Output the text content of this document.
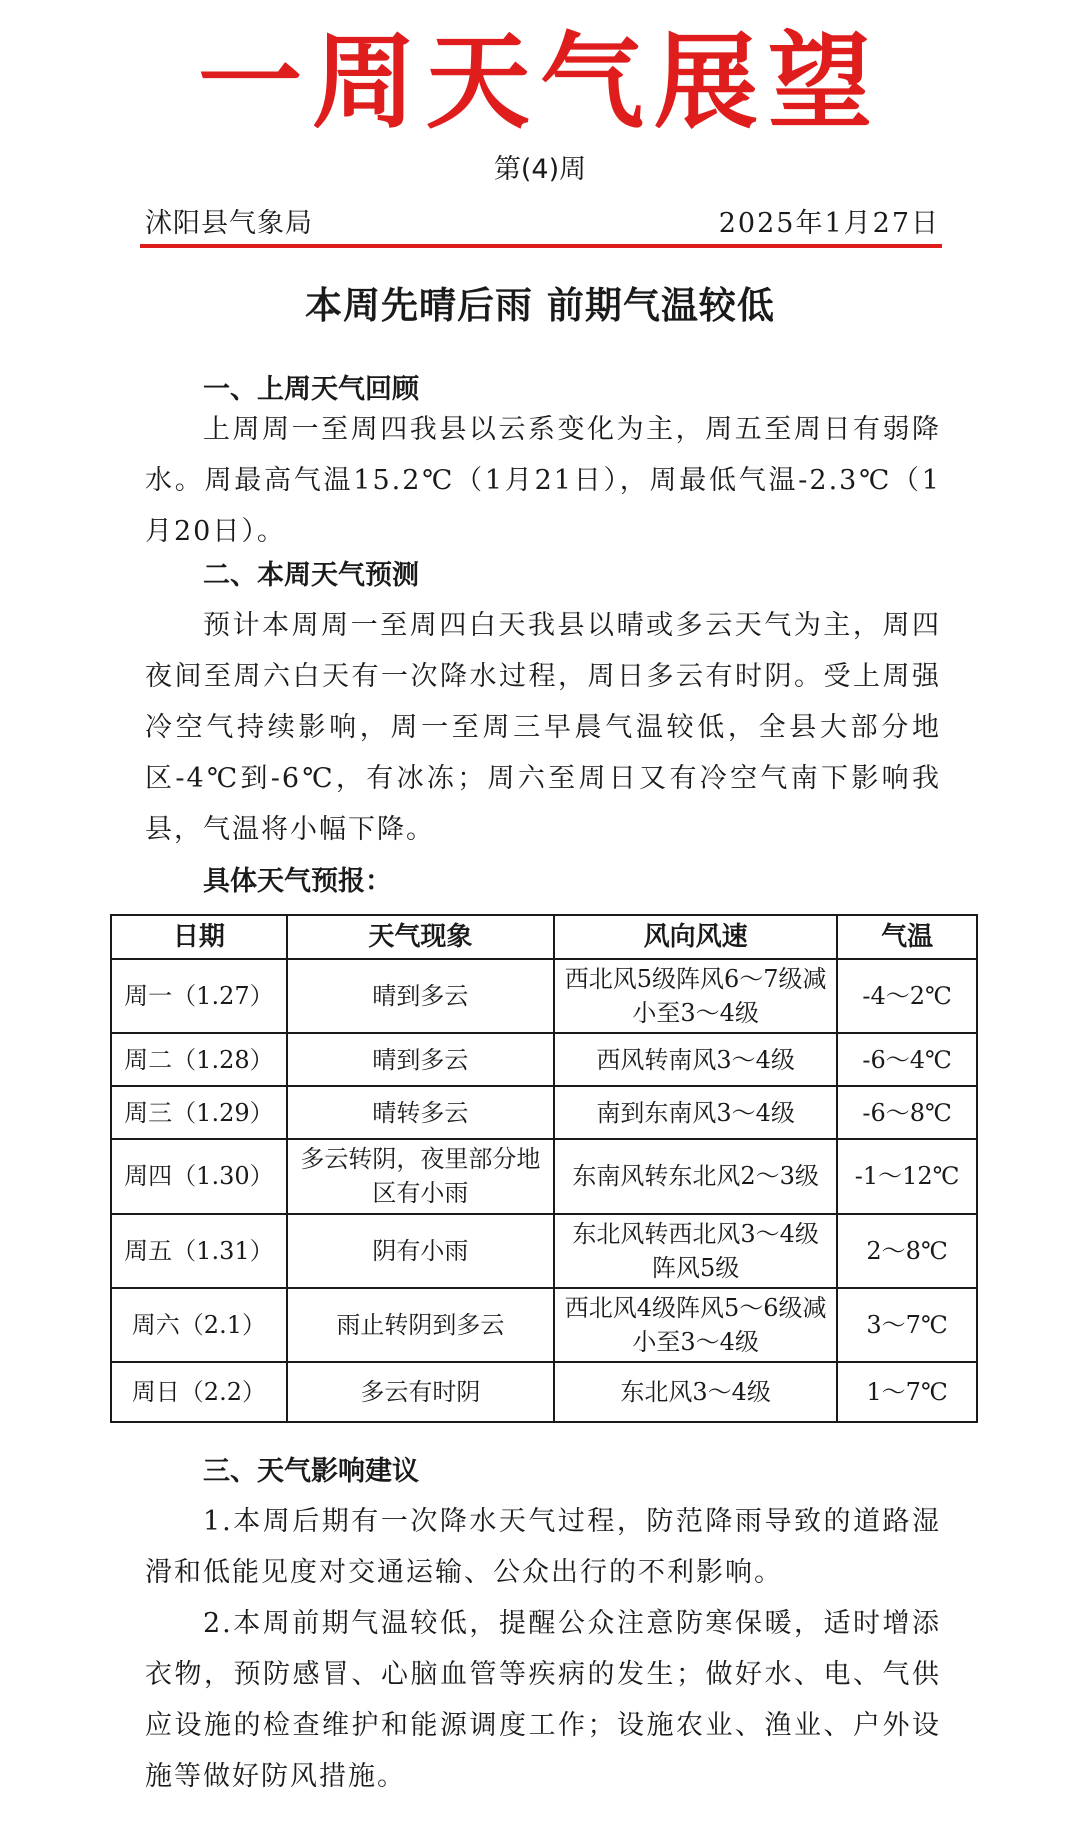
一周天气展望
第(4)周
沭阳县气象局	2025年1月27日
本周先晴后雨 前期气温较低
一、上周天气回顾

上周周一至周四我县以云系变化为主，周五至周日有弱降水。周最高气温15.2℃（1月21日），周最低气温-2.3℃（1月20日）。

二、本周天气预测

预计本周周一至周四白天我县以晴或多云天气为主，周四夜间至周六白天有一次降水过程，周日多云有时阴。受上周强冷空气持续影响，周一至周三早晨气温较低，全县大部分地区-4℃到-6℃，有冰冻；周六至周日又有冷空气南下影响我县，气温将小幅下降。

具体天气预报：
日期	天气现象	风向风速	气温
周一（1.27）	晴到多云	西北风5级阵风6～7级减小至3～4级	-4～2℃
周二（1.28）	晴到多云	西风转南风3～4级	-6～4℃
周三（1.29）	晴转多云	南到东南风3～4级	-6～8℃
周四（1.30）	多云转阴，夜里部分地区有小雨	东南风转东北风2～3级	-1～12℃
周五（1.31）	阴有小雨	东北风转西北风3～4级阵风5级	2～8℃
周六（2.1）	雨止转阴到多云	西北风4级阵风5～6级减小至3～4级	3～7℃
周日（2.2）	多云有时阴	东北风3～4级	1～7℃
三、天气影响建议

1.本周后期有一次降水天气过程，防范降雨导致的道路湿滑和低能见度对交通运输、公众出行的不利影响。

2.本周前期气温较低，提醒公众注意防寒保暖，适时增添衣物，预防感冒、心脑血管等疾病的发生；做好水、电、气供应设施的检查维护和能源调度工作；设施农业、渔业、户外设施等做好防风措施。
